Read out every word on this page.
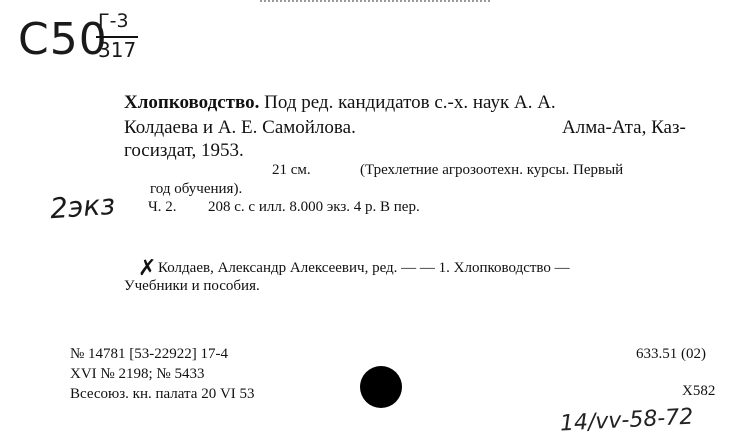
С50
Г-3
317
2экз
Хлопководство. Под ред. кандидатов с.-х. наук А. А.
Колдаева и А. Е. Самойлова.	Алма-Ата, Каз-
госиздат, 1953.
21 см.	(Трехлетние агрозоотехн. курсы. Первый
год обучения).
Ч. 2. 208 с. с илл. 8.000 экз. 4 р. В пер.
✗ Колдаев, Александр Алексеевич, ред. — — 1. Хлопководство —
Учебники и пособия.
№ 14781 [53-22922] 17-4
XVI № 2198; № 5433
Всесоюз. кн. палата 20 VI 53
633.51 (02)
X582
14/vv-58-72
